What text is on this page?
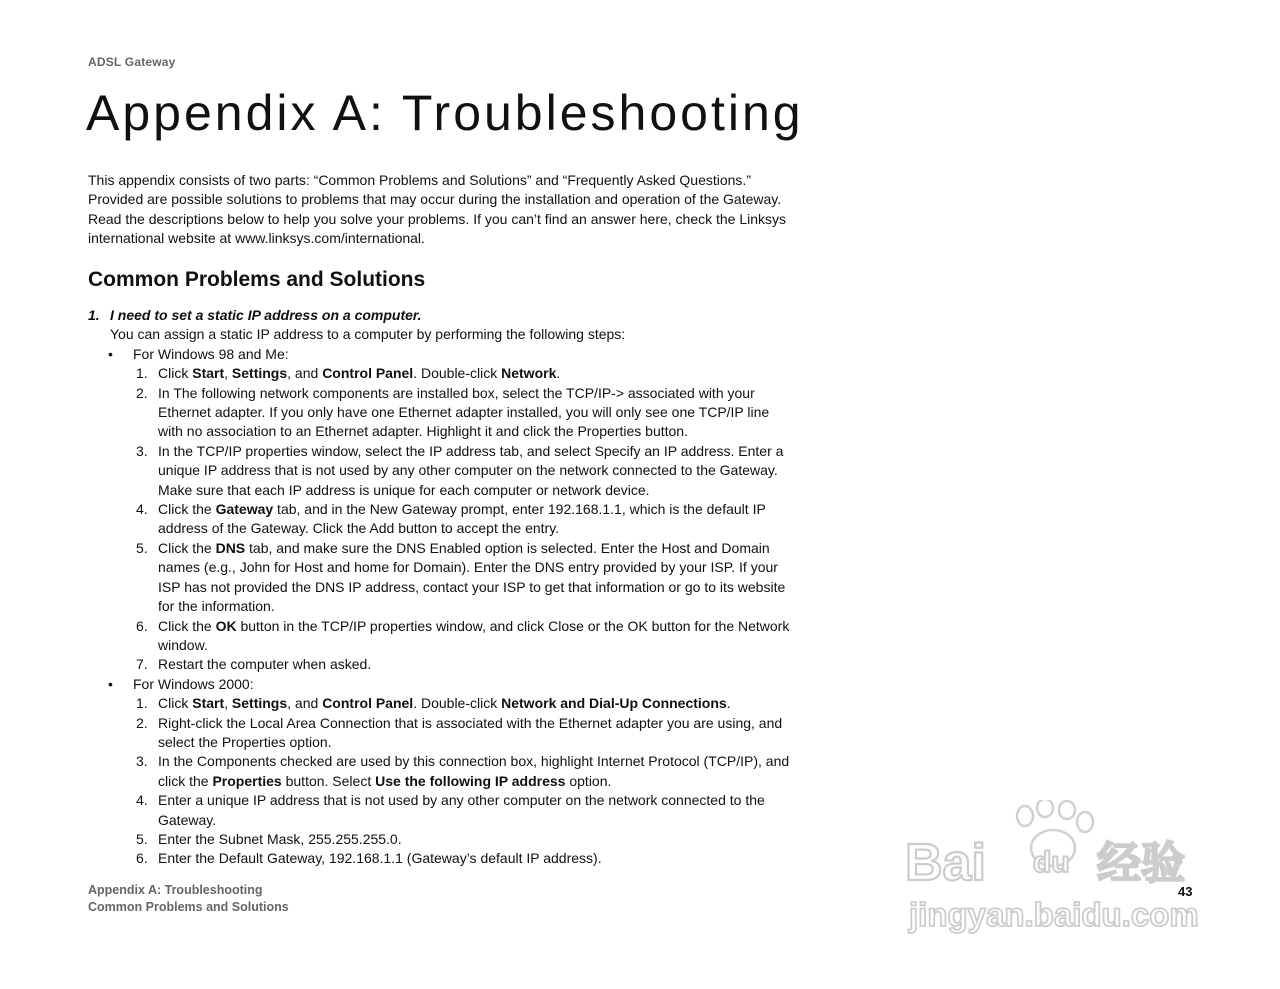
ADSL Gateway
Appendix A: Troubleshooting

This appendix consists of two parts: “Common Problems and Solutions” and “Frequently Asked Questions.” Provided are possible solutions to problems that may occur during the installation and operation of the Gateway. Read the descriptions below to help you solve your problems. If you can’t find an answer here, check the Linksys international website at www.linksys.com/international.

Common Problems and Solutions
1. I need to set a static IP address on a computer.
You can assign a static IP address to a computer by performing the following steps:
• For Windows 98 and Me:
1. Click Start, Settings, and Control Panel. Double-click Network.
2. In The following network components are installed box, select the TCP/IP-> associated with your Ethernet adapter. If you only have one Ethernet adapter installed, you will only see one TCP/IP line with no association to an Ethernet adapter. Highlight it and click the Properties button.
3. In the TCP/IP properties window, select the IP address tab, and select Specify an IP address. Enter a unique IP address that is not used by any other computer on the network connected to the Gateway. Make sure that each IP address is unique for each computer or network device.
4. Click the Gateway tab, and in the New Gateway prompt, enter 192.168.1.1, which is the default IP address of the Gateway. Click the Add button to accept the entry.
5. Click the DNS tab, and make sure the DNS Enabled option is selected. Enter the Host and Domain names (e.g., John for Host and home for Domain). Enter the DNS entry provided by your ISP. If your ISP has not provided the DNS IP address, contact your ISP to get that information or go to its website for the information.
6. Click the OK button in the TCP/IP properties window, and click Close or the OK button for the Network window.
7. Restart the computer when asked.
• For Windows 2000:
1. Click Start, Settings, and Control Panel. Double-click Network and Dial-Up Connections.
2. Right-click the Local Area Connection that is associated with the Ethernet adapter you are using, and select the Properties option.
3. In the Components checked are used by this connection box, highlight Internet Protocol (TCP/IP), and click the Properties button. Select Use the following IP address option.
4. Enter a unique IP address that is not used by any other computer on the network connected to the Gateway.
5. Enter the Subnet Mask, 255.255.255.0.
6. Enter the Default Gateway, 192.168.1.1 (Gateway’s default IP address).
Appendix A: Troubleshooting
Common Problems and Solutions
43
Bai du 经验
jingyan.baidu.com
